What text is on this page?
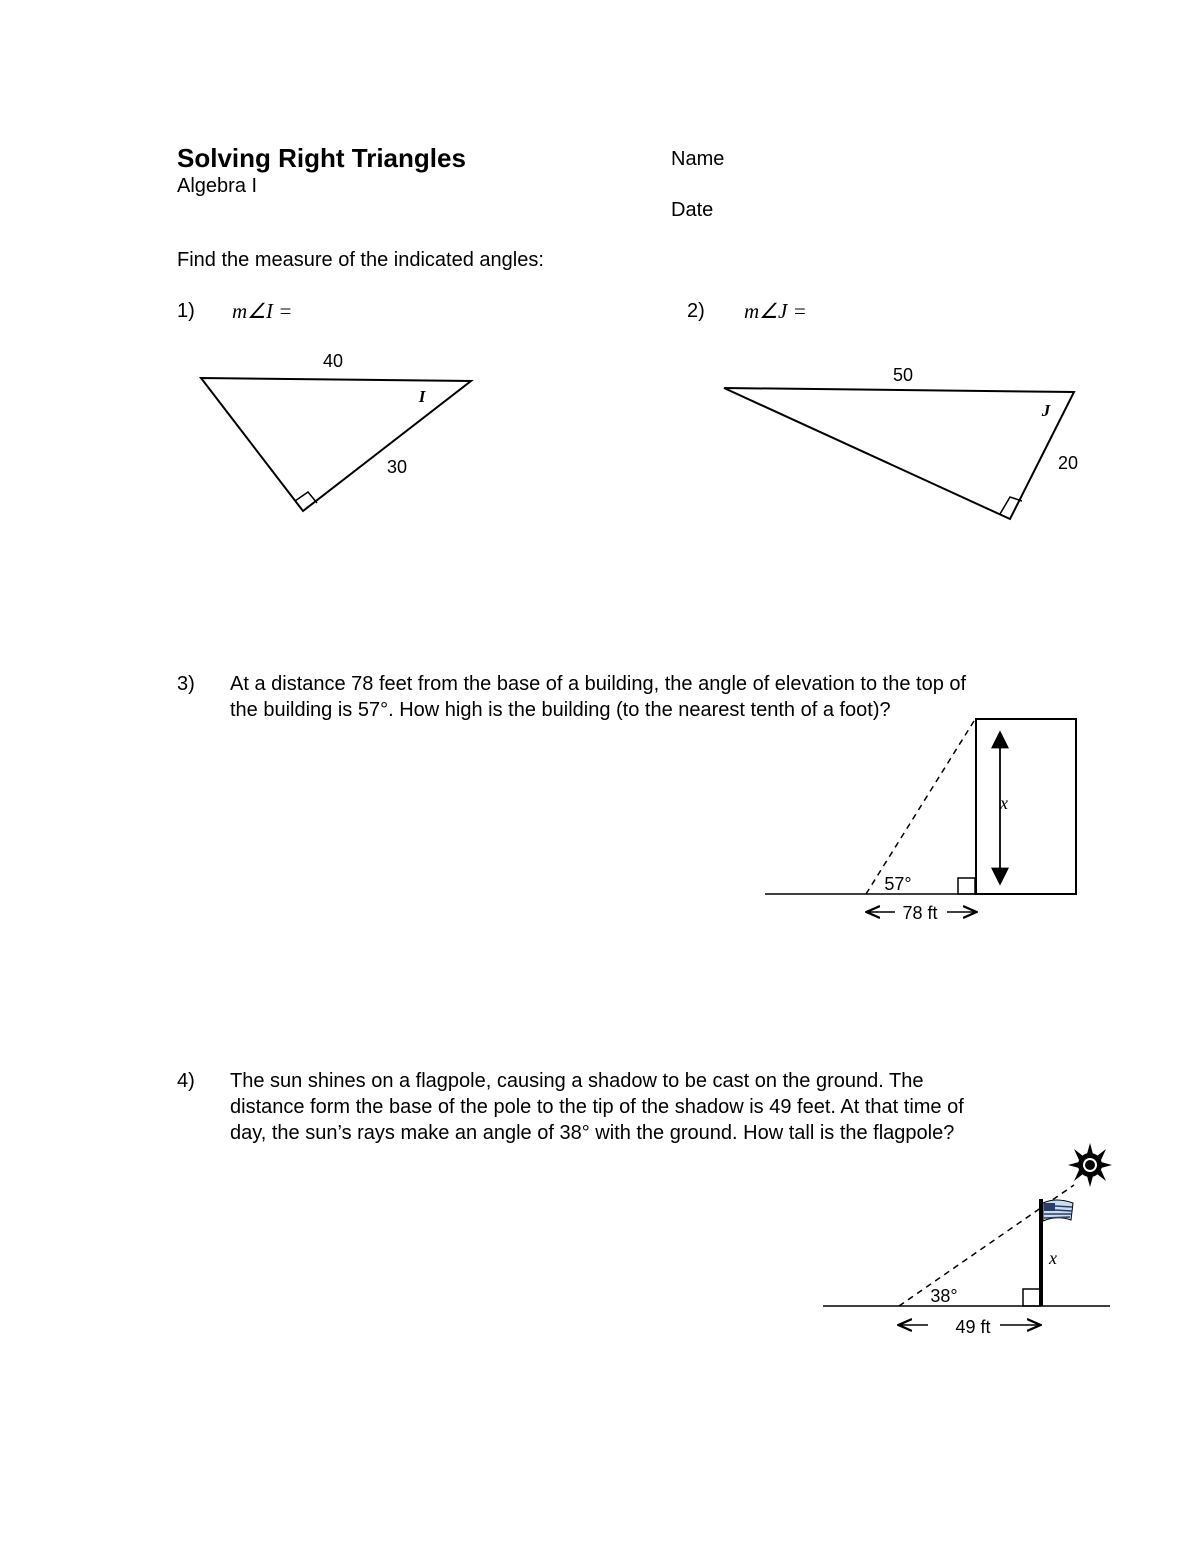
Solving Right Triangles
Algebra I
Name
Date
Find the measure of the indicated angles:
1) m∠I =	2) m∠J =
3) At a distance 78 feet from the base of a building, the angle of elevation to the top of
the building is 57°. How high is the building (to the nearest tenth of a foot)?
4) The sun shines on a flagpole, causing a shadow to be cast on the ground. The
distance form the base of the pole to the tip of the shadow is 49 feet. At that time of
day, the sun’s rays make an angle of 38° with the ground. How tall is the flagpole?
40
30
I
50
20
J
x
57°
78 ft
x
38°
49 ft
